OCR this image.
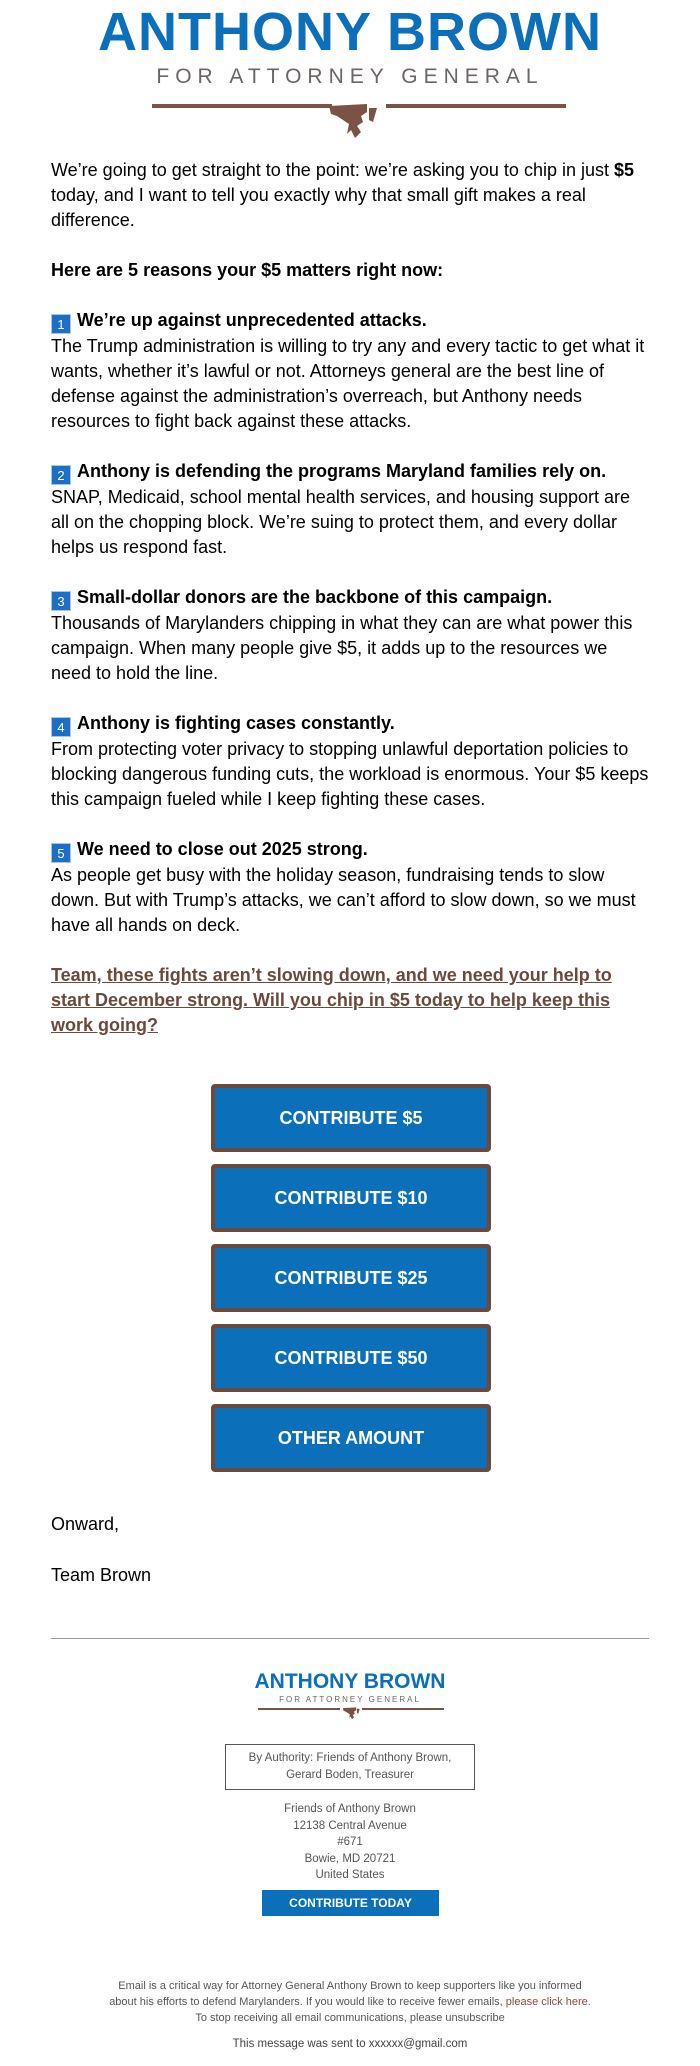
ANTHONY BROWN
FOR ATTORNEY GENERAL

We’re going to get straight to the point: we’re asking you to chip in just $5 today, and I want to tell you exactly why that small gift makes a real difference.

Here are 5 reasons your $5 matters right now:

1 We’re up against unprecedented attacks.
The Trump administration is willing to try any and every tactic to get what it wants, whether it’s lawful or not. Attorneys general are the best line of defense against the administration’s overreach, but Anthony needs resources to fight back against these attacks.

2 Anthony is defending the programs Maryland families rely on.
SNAP, Medicaid, school mental health services, and housing support are all on the chopping block. We’re suing to protect them, and every dollar helps us respond fast.

3 Small-dollar donors are the backbone of this campaign.
Thousands of Marylanders chipping in what they can are what power this campaign. When many people give $5, it adds up to the resources we need to hold the line.

4 Anthony is fighting cases constantly.
From protecting voter privacy to stopping unlawful deportation policies to blocking dangerous funding cuts, the workload is enormous. Your $5 keeps this campaign fueled while I keep fighting these cases.

5 We need to close out 2025 strong.
As people get busy with the holiday season, fundraising tends to slow down. But with Trump’s attacks, we can’t afford to slow down, so we must have all hands on deck.

Team, these fights aren’t slowing down, and we need your help to start December strong. Will you chip in $5 today to help keep this work going?

CONTRIBUTE $5
CONTRIBUTE $10
CONTRIBUTE $25
CONTRIBUTE $50
OTHER AMOUNT

Onward,

Team Brown

ANTHONY BROWN
FOR ATTORNEY GENERAL
By Authority: Friends of Anthony Brown,
Gerard Boden, Treasurer
Friends of Anthony Brown
12138 Central Avenue
#671
Bowie, MD 20721
United States
CONTRIBUTE TODAY
Email is a critical way for Attorney General Anthony Brown to keep supporters like you informed
about his efforts to defend Marylanders. If you would like to receive fewer emails, please click here.
To stop receiving all email communications, please unsubscribe
This message was sent to xxxxxx@gmail.com
